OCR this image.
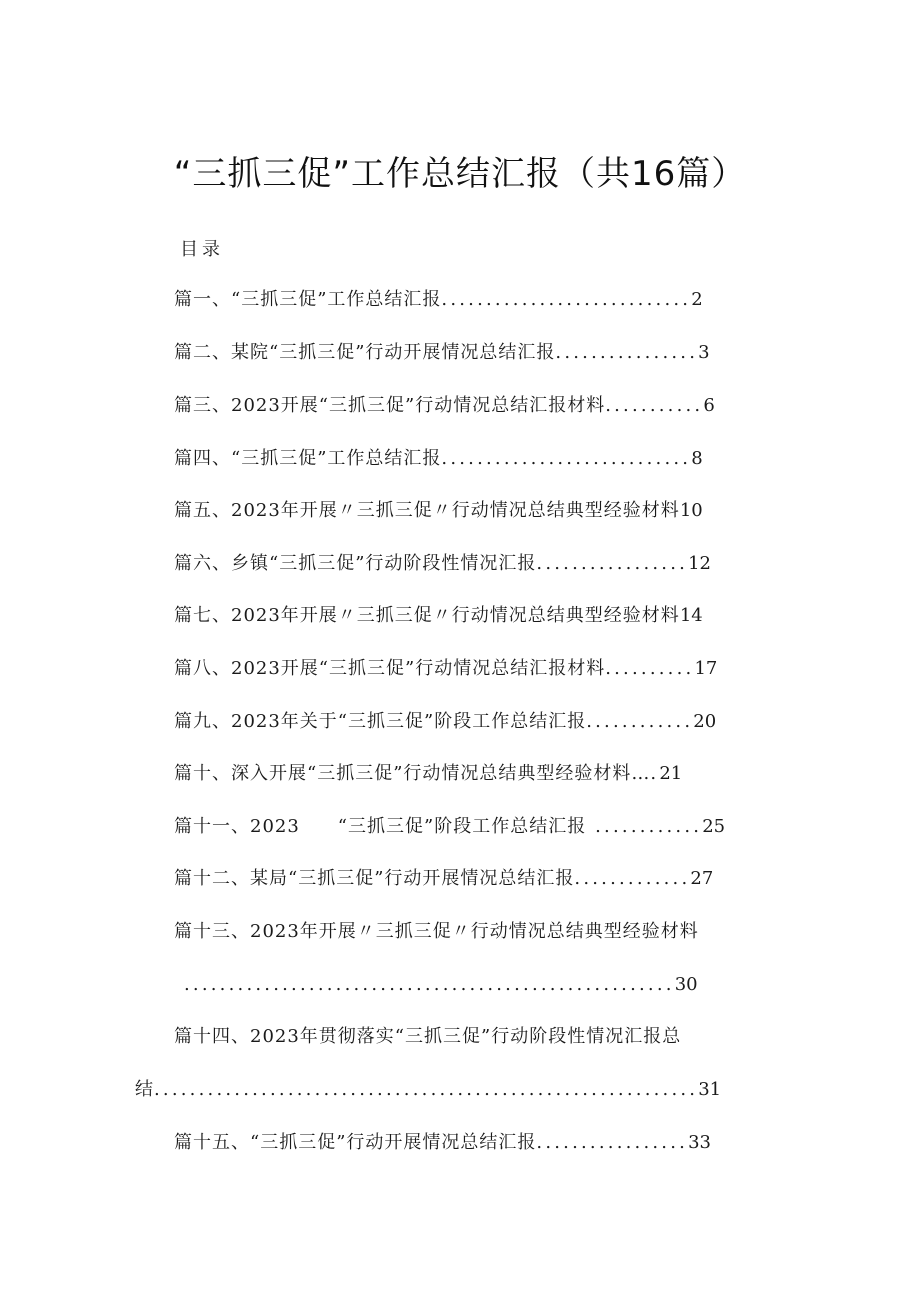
“三抓三促”工作总结汇报（共16篇）
目录
篇一、“三抓三促”工作总结汇报............................2
篇二、某院“三抓三促”行动开展情况总结汇报................3
篇三、2023开展“三抓三促”行动情况总结汇报材料...........6
篇四、“三抓三促”工作总结汇报............................8
篇五、2023年开展〃三抓三促〃行动情况总结典型经验材料10
篇六、乡镇“三抓三促”行动阶段性情况汇报.................12
篇七、2023年开展〃三抓三促〃行动情况总结典型经验材料14
篇八、2023开展“三抓三促”行动情况总结汇报材料..........17
篇九、2023年关于“三抓三促”阶段工作总结汇报............20
篇十、深入开展“三抓三促”行动情况总结典型经验材料….21
篇十一、2023　　“三抓三促”阶段工作总结汇报 ............25
篇十二、某局“三抓三促”行动开展情况总结汇报.............27
篇十三、2023年开展〃三抓三促〃行动情况总结典型经验材料
.......................................................30
篇十四、2023年贯彻落实“三抓三促”行动阶段性情况汇报总
结.............................................................31
篇十五、“三抓三促”行动开展情况总结汇报.................33
